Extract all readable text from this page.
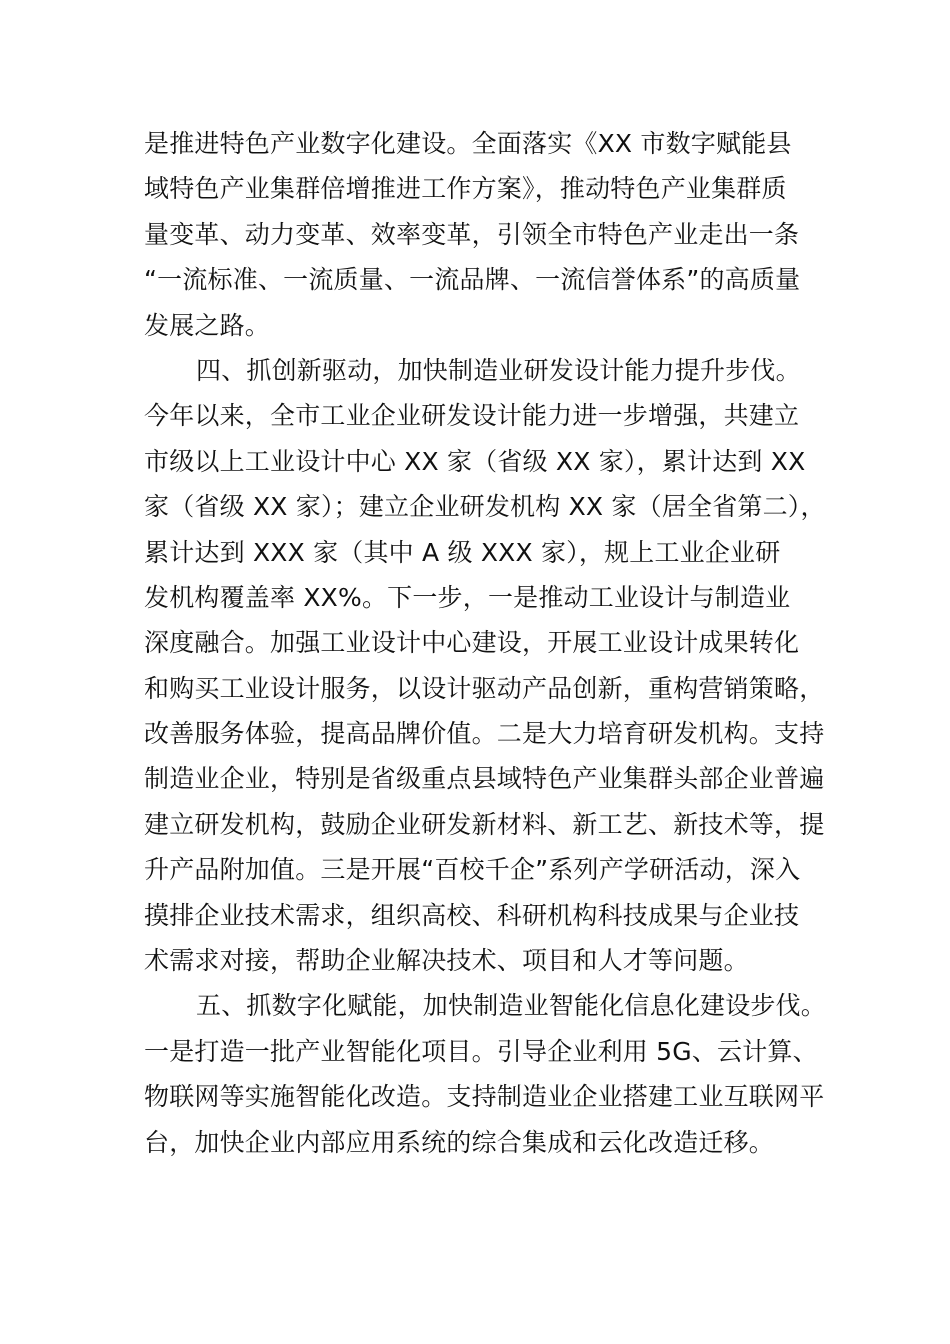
是推进特色产业数字化建设。全面落实《XX 市数字赋能县
域特色产业集群倍增推进工作方案》，推动特色产业集群质
量变革、动力变革、效率变革，引领全市特色产业走出一条
“一流标准、一流质量、一流品牌、一流信誉体系”的高质量
发展之路。
四、抓创新驱动，加快制造业研发设计能力提升步伐。
今年以来，全市工业企业研发设计能力进一步增强，共建立
市级以上工业设计中心 XX 家（省级 XX 家），累计达到 XX
家（省级 XX 家）；建立企业研发机构 XX 家（居全省第二），
累计达到 XXX 家（其中 A 级 XXX 家），规上工业企业研
发机构覆盖率 XX%。下一步，一是推动工业设计与制造业
深度融合。加强工业设计中心建设，开展工业设计成果转化
和购买工业设计服务，以设计驱动产品创新，重构营销策略，
改善服务体验，提高品牌价值。二是大力培育研发机构。支持
制造业企业，特别是省级重点县域特色产业集群头部企业普遍
建立研发机构，鼓励企业研发新材料、新工艺、新技术等，提
升产品附加值。三是开展“百校千企”系列产学研活动，深入
摸排企业技术需求，组织高校、科研机构科技成果与企业技
术需求对接，帮助企业解决技术、项目和人才等问题。
五、抓数字化赋能，加快制造业智能化信息化建设步伐。
一是打造一批产业智能化项目。引导企业利用 5G、云计算、
物联网等实施智能化改造。支持制造业企业搭建工业互联网平
台，加快企业内部应用系统的综合集成和云化改造迁移。
